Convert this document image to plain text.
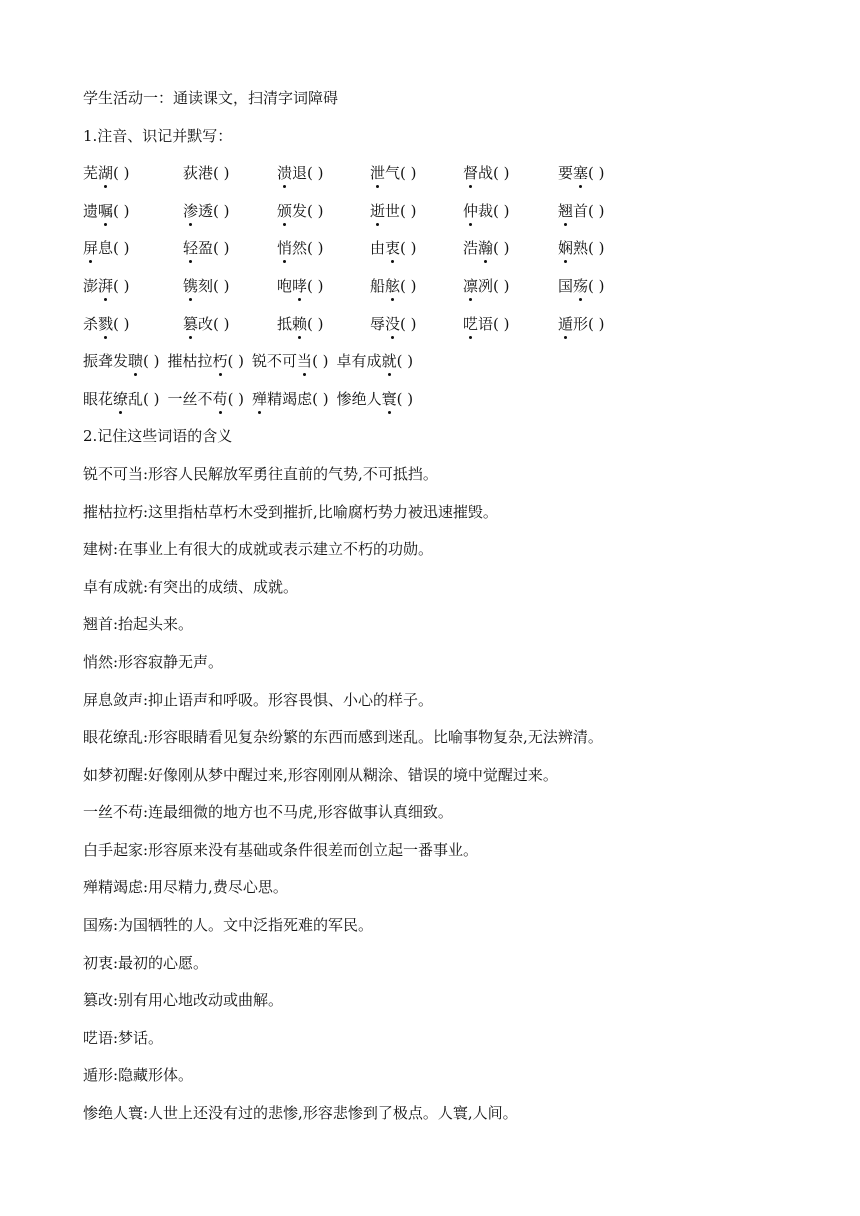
学生活动一：通读课文，扫清字词障碍
1.注音、识记并默写：
芜湖( )	荻港( )	溃退( )	泄气( )	督战( )	要塞( )
遗嘱( )	渗透( )	颁发( )	逝世( )	仲裁( )	翘首( )
屏息( )	轻盈( )	悄然( )	由衷( )	浩瀚( )	娴熟( )
澎湃( )	镌刻( )	咆哮( )	船舷( )	凛冽( )	国殇( )
杀戮( )	篡改( )	抵赖( )	辱没( )	呓语( )	遁形( )
振聋发聩( ) 摧枯拉朽( ) 锐不可当( ) 卓有成就( )
眼花缭乱( ) 一丝不苟( ) 殚精竭虑( ) 惨绝人寰( )
2.记住这些词语的含义
锐不可当:形容人民解放军勇往直前的气势,不可抵挡。
摧枯拉朽:这里指枯草朽木受到摧折,比喻腐朽势力被迅速摧毁。
建树:在事业上有很大的成就或表示建立不朽的功勋。
卓有成就:有突出的成绩、成就。
翘首:抬起头来。
悄然:形容寂静无声。
屏息敛声:抑止语声和呼吸。形容畏惧、小心的样子。
眼花缭乱:形容眼睛看见复杂纷繁的东西而感到迷乱。比喻事物复杂,无法辨清。
如梦初醒:好像刚从梦中醒过来,形容刚刚从糊涂、错误的境中觉醒过来。
一丝不苟:连最细微的地方也不马虎,形容做事认真细致。
白手起家:形容原来没有基础或条件很差而创立起一番事业。
殚精竭虑:用尽精力,费尽心思。
国殇:为国牺牲的人。文中泛指死难的军民。
初衷:最初的心愿。
篡改:别有用心地改动或曲解。
呓语:梦话。
遁形:隐藏形体。
惨绝人寰:人世上还没有过的悲惨,形容悲惨到了极点。人寰,人间。
